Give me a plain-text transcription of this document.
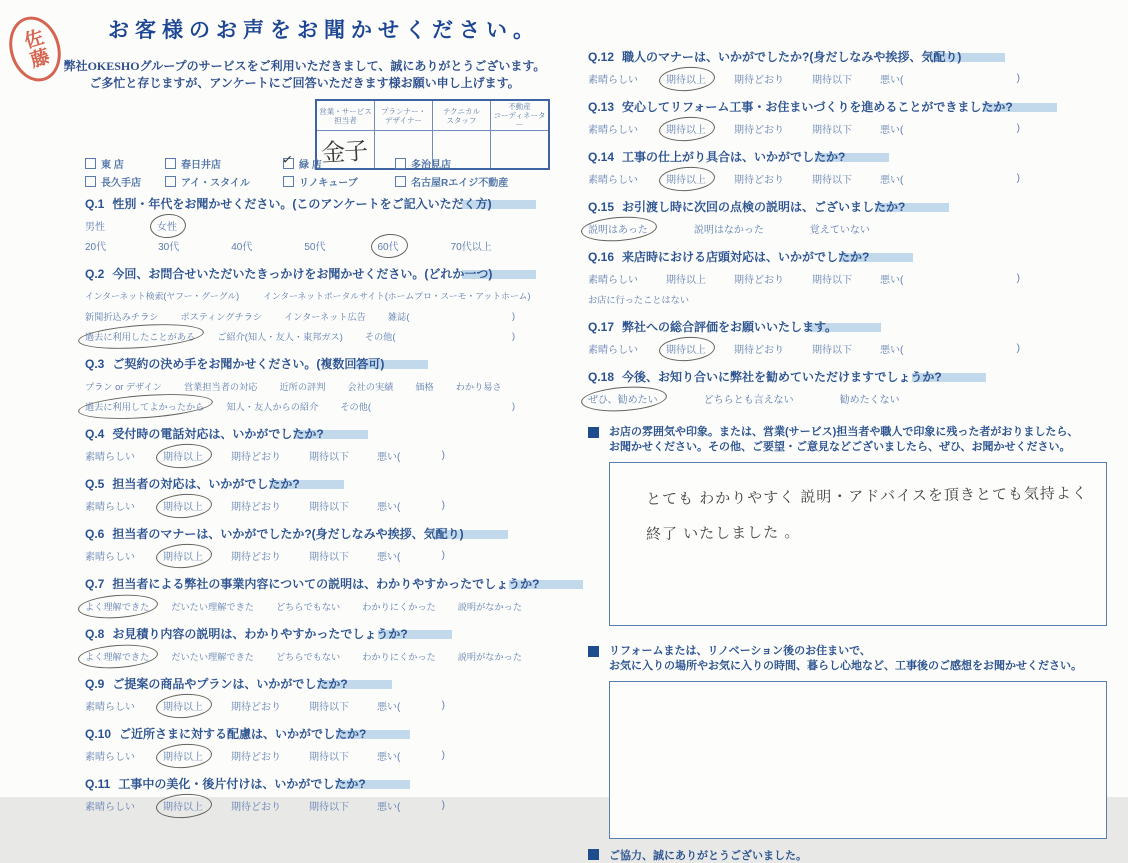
佐藤	お客様のお声をお聞かせください。
弊社OKESHOグループのサービスをご利用いただきまして、誠にありがとうございます。
ご多忙と存じますが、アンケートにご回答いただきます様お願い申し上げます。
営業・サービス
担当者

プランナー・
デザイナー

テクニカル
スタッフ

不動産
コーディネーター

金子			
東 店	春日井店	✓ 緑 店	多治見店
長久手店	アイ・スタイル	リノキューブ	名古屋Rエイジ不動産
Q.1 性別・年代をお聞かせください。(このアンケートをご記入いただく方)
男性	女性
20代	30代	40代	50代	60代	70代以上
Q.2 今回、お問合せいただいたきっかけをお聞かせください。(どれか一つ)
インターネット検索(ヤフー・グーグル)	インターネットポータルサイト(ホームプロ・スーモ・アットホーム)
新聞折込みチラシ ポスティングチラシ インターネット広告 雑誌(	)
過去に利用したことがある ご紹介(知人・友人・東邦ガス) その他(	)
Q.3 ご契約の決め手をお聞かせください。(複数回答可)
プラン or デザイン 営業担当者の対応 近所の評判 会社の実績 価格 わかり易さ
過去に利用してよかったから 知人・友人からの紹介 その他(	)
Q.4 受付時の電話対応は、いかがでしたか?
素晴らしい	期待以上	期待どおり	期待以下	悪い(	)
Q.5 担当者の対応は、いかがでしたか?
素晴らしい	期待以上	期待どおり	期待以下	悪い(	)
Q.6 担当者のマナーは、いかがでしたか?(身だしなみや挨拶、気配り)
素晴らしい	期待以上	期待どおり	期待以下	悪い(	)
Q.7 担当者による弊社の事業内容についての説明は、わかりやすかったでしょうか?
よく理解できた だいたい理解できた どちらでもない わかりにくかった 説明がなかった
Q.8 お見積り内容の説明は、わかりやすかったでしょうか?
よく理解できた だいたい理解できた どちらでもない わかりにくかった 説明がなかった
Q.9 ご提案の商品やプランは、いかがでしたか?
素晴らしい	期待以上	期待どおり	期待以下	悪い(	)
Q.10 ご近所さまに対する配慮は、いかがでしたか?
素晴らしい	期待以上	期待どおり	期待以下	悪い(	)
Q.11 工事中の美化・後片付けは、いかがでしたか?
素晴らしい	期待以上	期待どおり	期待以下	悪い(	)
Q.12 職人のマナーは、いかがでしたか?(身だしなみや挨拶、気配り)
素晴らしい	期待以上	期待どおり	期待以下	悪い(	)
Q.13 安心してリフォーム工事・お住まいづくりを進めることができましたか?
素晴らしい	期待以上	期待どおり	期待以下	悪い(	)
Q.14 工事の仕上がり具合は、いかがでしたか?
素晴らしい	期待以上	期待どおり	期待以下	悪い(	)
Q.15 お引渡し時に次回の点検の説明は、ございましたか?
説明はあった	説明はなかった	覚えていない
Q.16 来店時における店頭対応は、いかがでしたか?
素晴らしい	期待以上	期待どおり	期待以下	悪い(	)
お店に行ったことはない
Q.17 弊社への総合評価をお願いいたします。
素晴らしい	期待以上	期待どおり	期待以下	悪い(	)
Q.18 今後、お知り合いに弊社を勧めていただけますでしょうか?
ぜひ、勧めたい	どちらとも言えない	勧めたくない
お店の雰囲気や印象。または、営業(サービス)担当者や職人で印象に残った者がおりましたら、
お聞かせください。その他、ご要望・ご意見などございましたら、ぜひ、お聞かせください。
とても わかりやすく 説明・アドバイスを頂きとても気持よく
終了 いたしました 。
リフォームまたは、リノベーション後のお住まいで、
お気に入りの場所やお気に入りの時間、暮らし心地など、工事後のご感想をお聞かせください。
ご協力、誠にありがとうございました。
